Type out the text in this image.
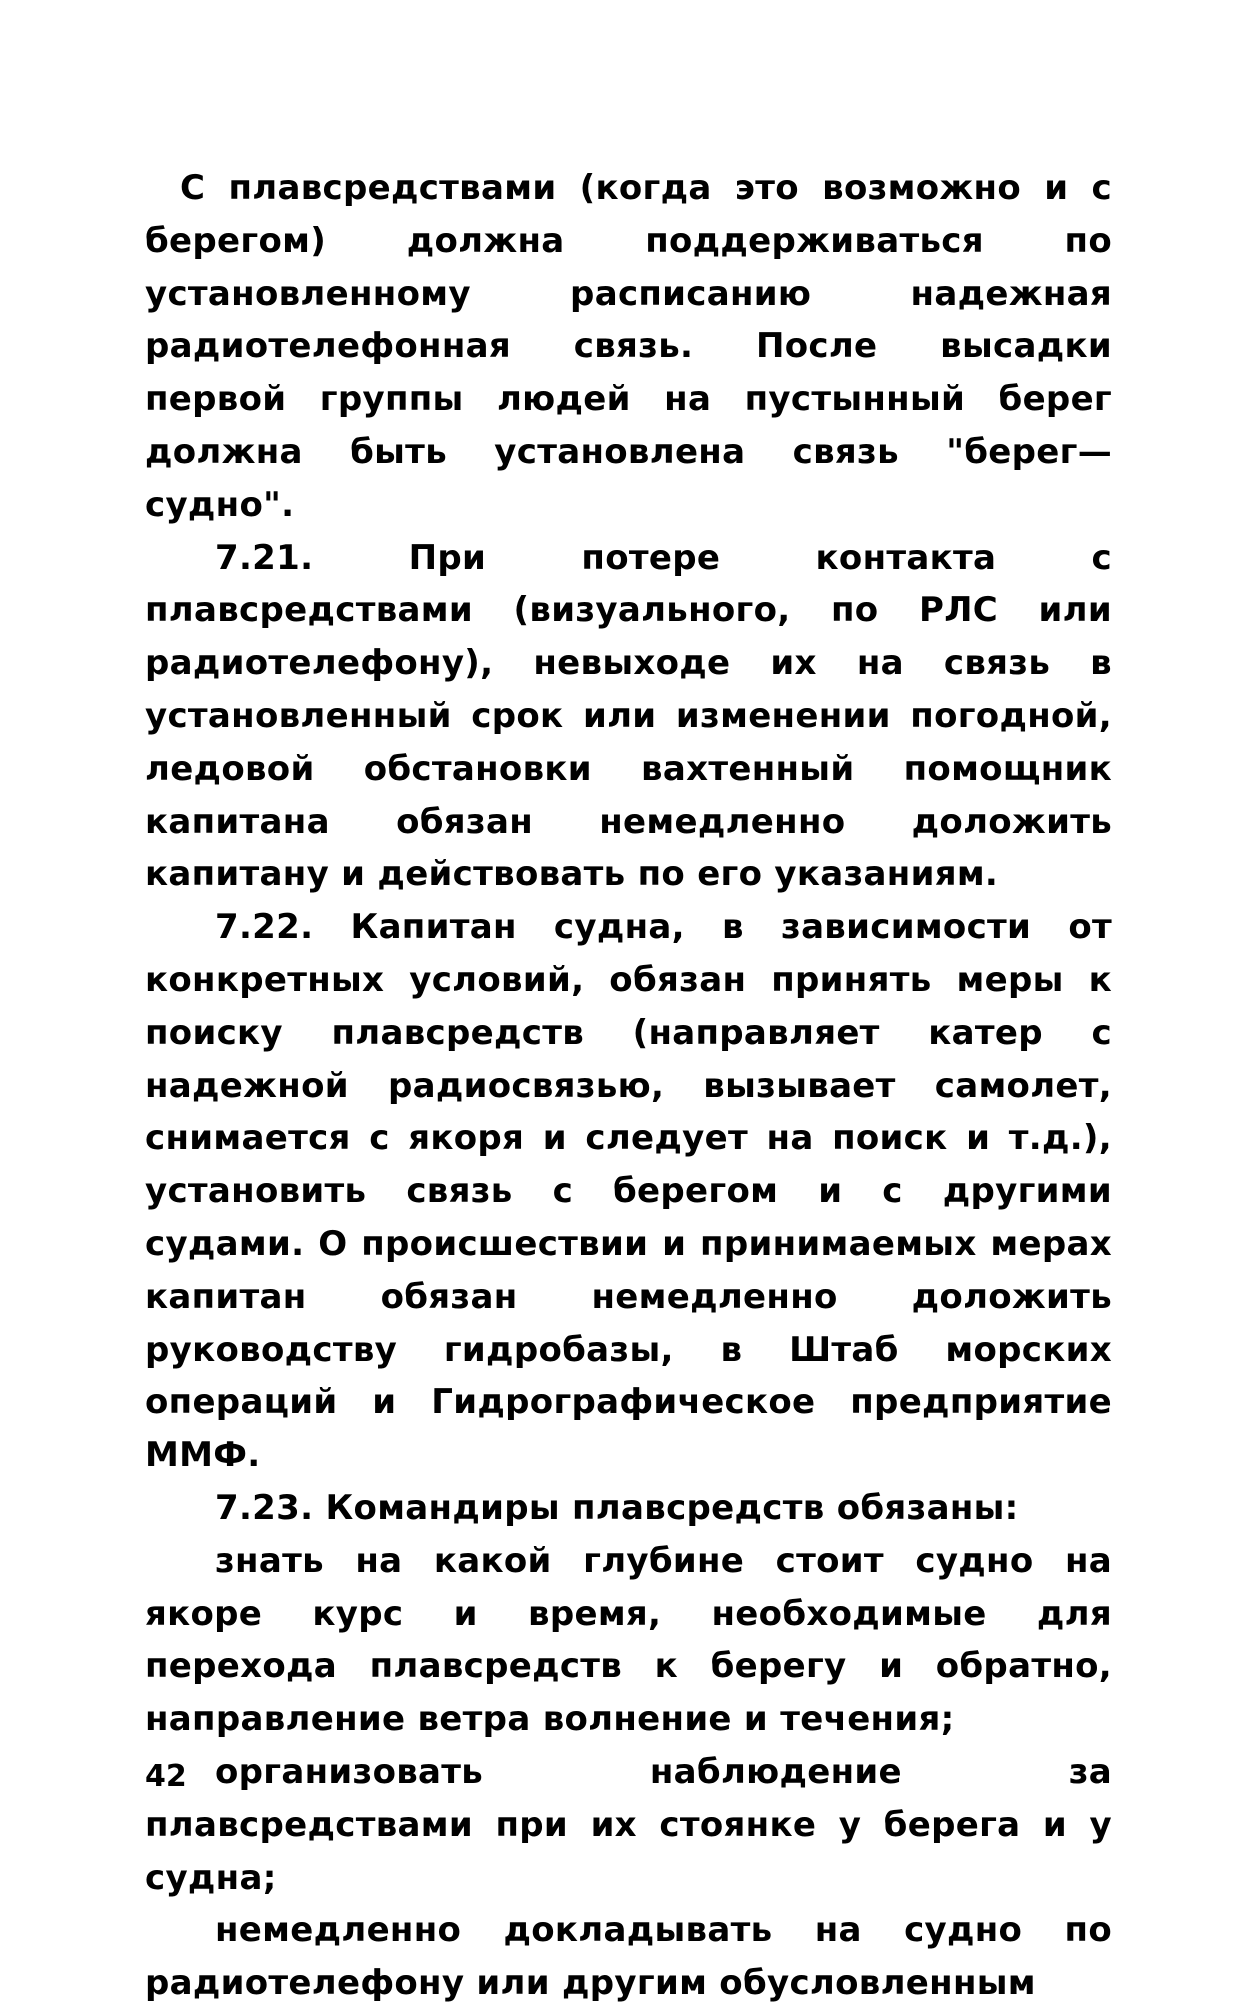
С плавсредствами (когда это возможно и с берегом) должна поддерживаться по установленному расписанию надежная радиотелефонная связь. После высадки первой группы людей на пустынный берег должна быть установлена связь "берег—судно".

7.21. При потере контакта с плавсредствами (визуального, по РЛС или радиотелефону), невыходе их на связь в установленный срок или изменении погодной, ледовой обстановки вахтенный помощник капитана обязан немедленно доложить капитану и действовать по его указаниям.

7.22. Капитан судна, в зависимости от конкретных условий, обязан принять меры к поиску плавсредств (направляет катер с надежной радиосвязью, вызывает самолет, снимается с якоря и следует на поиск и т.д.), установить связь с берегом и с другими судами. О происшествии и принимаемых мерах капитан обязан немедленно доложить руководству гидробазы, в Штаб морских операций и Гидрографическое предприятие ММФ.

7.23. Командиры плавсредств обязаны:

знать на какой глубине стоит судно на якоре курс и время, необходимые для перехода плавсредств к берегу и обратно, направление ветра волнение и течения;

организовать наблюдение за плавсредствами при их стоянке у берега и у судна;

немедленно докладывать на судно по радиотелефону или другим обусловленным

42
